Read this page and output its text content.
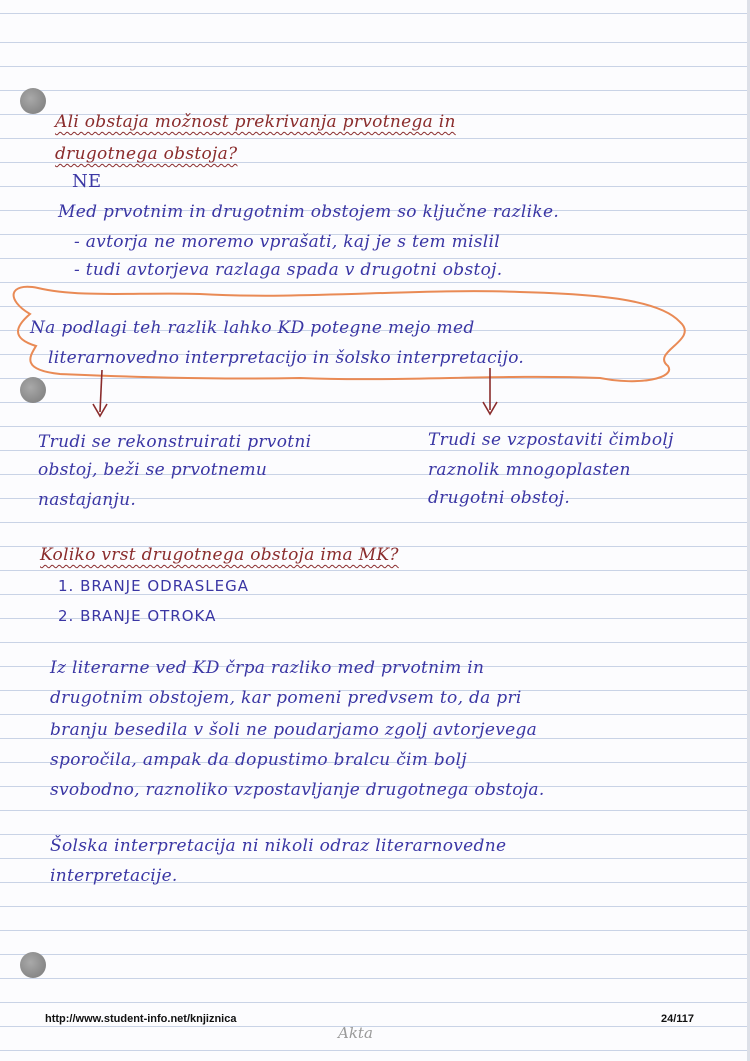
Ali obstaja možnost prekrivanja prvotnega in

drugotnega obstoja?

NE

Med prvotnim in drugotnim obstojem so ključne razlike.

- avtorja ne moremo vprašati, kaj je s tem mislil

- tudi avtorjeva razlaga spada v drugotni obstoj.

Na podlagi teh razlik lahko KD potegne mejo med

literarnovedno interpretacijo in šolsko interpretacijo.

Trudi se rekonstruirati prvotni

obstoj, beži se prvotnemu

nastajanju.

Trudi se vzpostaviti čimbolj

raznolik mnogoplasten

drugotni obstoj.

Koliko vrst drugotnega obstoja ima MK?

1. BRANJE ODRASLEGA

2. BRANJE OTROKA

Iz literarne ved KD črpa razliko med prvotnim in

drugotnim obstojem, kar pomeni predvsem to, da pri

branju besedila v šoli ne poudarjamo zgolj avtorjevega

sporočila, ampak da dopustimo bralcu čim bolj

svobodno, raznoliko vzpostavljanje drugotnega obstoja.

Šolska interpretacija ni nikoli odraz literarnovedne

interpretacije.

http://www.student-info.net/knjiznica	24/117

Akta
